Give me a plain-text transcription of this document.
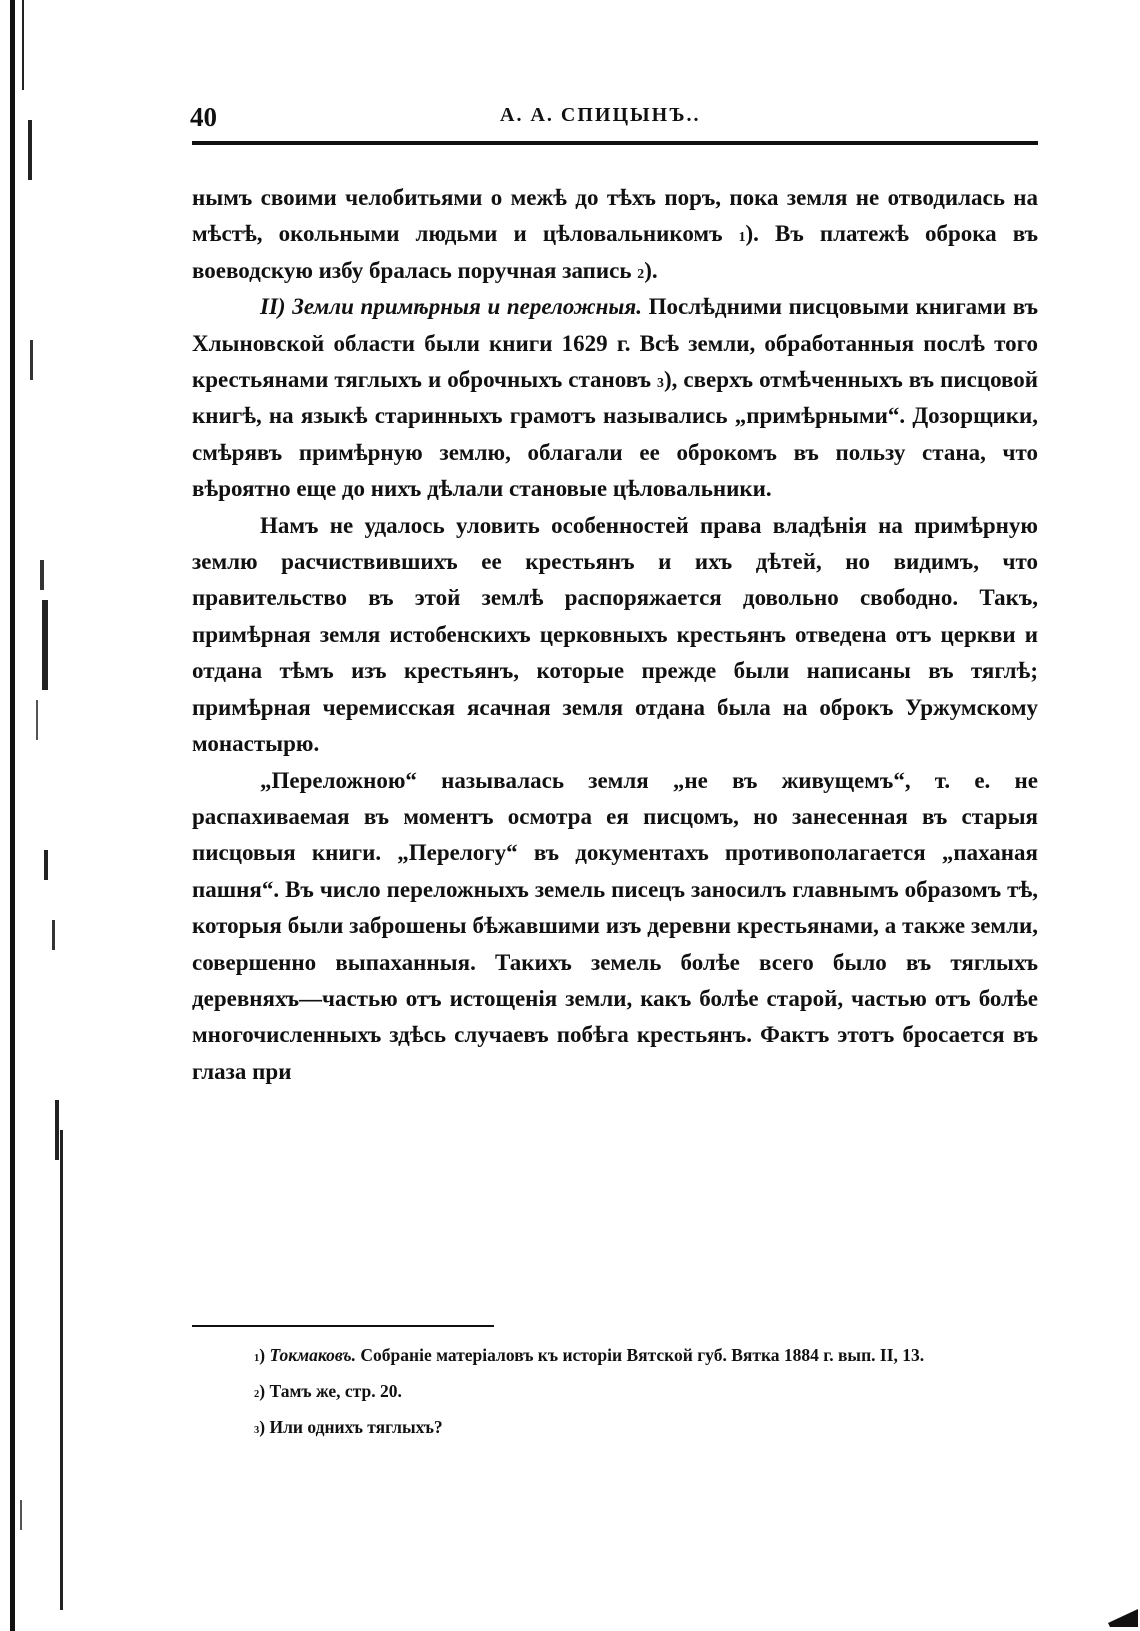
40	А. А. СПИЦЫНЪ..

нымъ своими челобитьями о межѣ до тѣхъ поръ, пока земля не отводилась на мѣстѣ, окольными людьми и цѣловальникомъ $^1$). Въ платежѣ оброка въ воеводскую избу бралась поручная запись $^2$).

II) Земли примѣрныя и переложныя. Послѣдними писцовыми книгами въ Хлыновской области были книги 1629 г. Всѣ земли, обработанныя послѣ того крестьянами тяглыхъ и оброчныхъ становъ $^3$), сверхъ отмѣченныхъ въ писцовой книгѣ, на языкѣ старинныхъ грамотъ назывались „примѣрными“. Дозорщики, смѣрявъ примѣрную землю, облагали ее оброкомъ въ пользу стана, что вѣроятно еще до нихъ дѣлали становые цѣловальники.

Намъ не удалось уловить особенностей права владѣнія на примѣрную землю расчиствившихъ ее крестьянъ и ихъ дѣтей, но видимъ, что правительство въ этой землѣ распоряжается довольно свободно. Такъ, примѣрная земля истобенскихъ церковныхъ крестьянъ отведена отъ церкви и отдана тѣмъ изъ крестьянъ, которые прежде были написаны въ тяглѣ; примѣрная черемисская ясачная земля отдана была на оброкъ Уржумскому монастырю.

„Переложною“ называлась земля „не въ живущемъ“, т. е. не распахиваемая въ моментъ осмотра ея писцомъ, но занесенная въ старыя писцовыя книги. „Перелогу“ въ документахъ противополагается „паханая пашня“. Въ число переложныхъ земель писецъ заносилъ главнымъ образомъ тѣ, которыя были заброшены бѣжавшими изъ деревни крестьянами, а также земли, совершенно выпаханныя. Такихъ земель болѣе всего было въ тяглыхъ деревняхъ—частью отъ истощенія земли, какъ болѣе старой, частью отъ болѣе многочисленныхъ здѣсь случаевъ побѣга крестьянъ. Фактъ этотъ бросается въ глаза при

$^1$) Токмаковъ. Собраніе матеріаловъ къ исторіи Вятской губ. Вятка 1884 г. вып. II, 13.

$^2$) Тамъ же, стр. 20.

$^3$) Или однихъ тяглыхъ?
